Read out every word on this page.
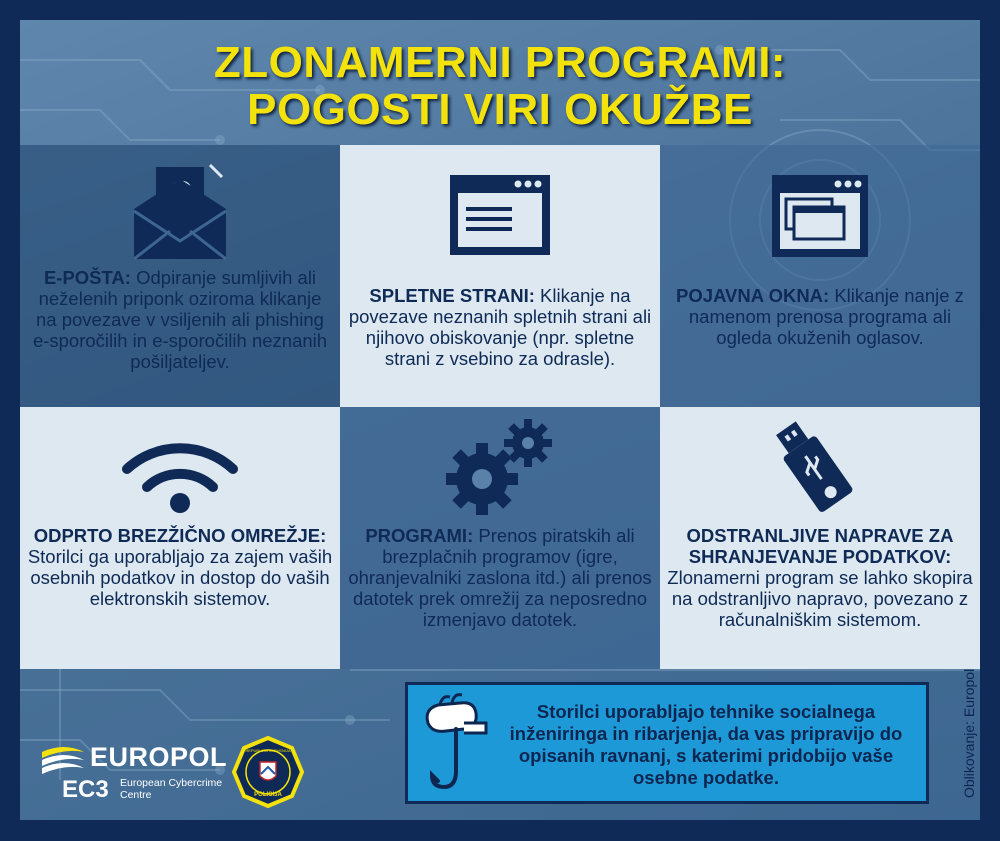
ZLONAMERNI PROGRAMI:
POGOSTI VIRI OKUŽBE
E-POŠTA: Odpiranje sumljivih ali neželenih priponk oziroma klikanje na povezave v vsiljenih ali phishing e-sporočilih in e-sporočilih neznanih pošiljateljev.
SPLETNE STRANI: Klikanje na povezave neznanih spletnih strani ali njihovo obiskovanje (npr. spletne strani z vsebino za odrasle).
POJAVNA OKNA: Klikanje nanje z namenom prenosa programa ali ogleda okuženih oglasov.
ODPRTO BREZŽIČNO OMREŽJE: Storilci ga uporabljajo za zajem vaših osebnih podatkov in dostop do vaših elektronskih sistemov.
PROGRAMI: Prenos piratskih ali brezplačnih programov (igre, ohranjevalniki zaslona itd.) ali prenos datotek prek omrežij za neposredno izmenjavo datotek.
ODSTRANLJIVE NAPRAVE ZA SHRANJEVANJE PODATKOV: Zlonamerni program se lahko skopira na odstranljivo napravo, povezano z računalniškim sistemom.
EUROPOL
EC3 European Cybercrime
Centre	POLICIJA
REPUBLIKA SLOVENIJA
Storilci uporabljajo tehnike socialnega inženiringa in ribarjenja, da vas pripravijo do opisanih ravnanj, s katerimi pridobijo vaše osebne podatke.	Oblikovanje: Europol
